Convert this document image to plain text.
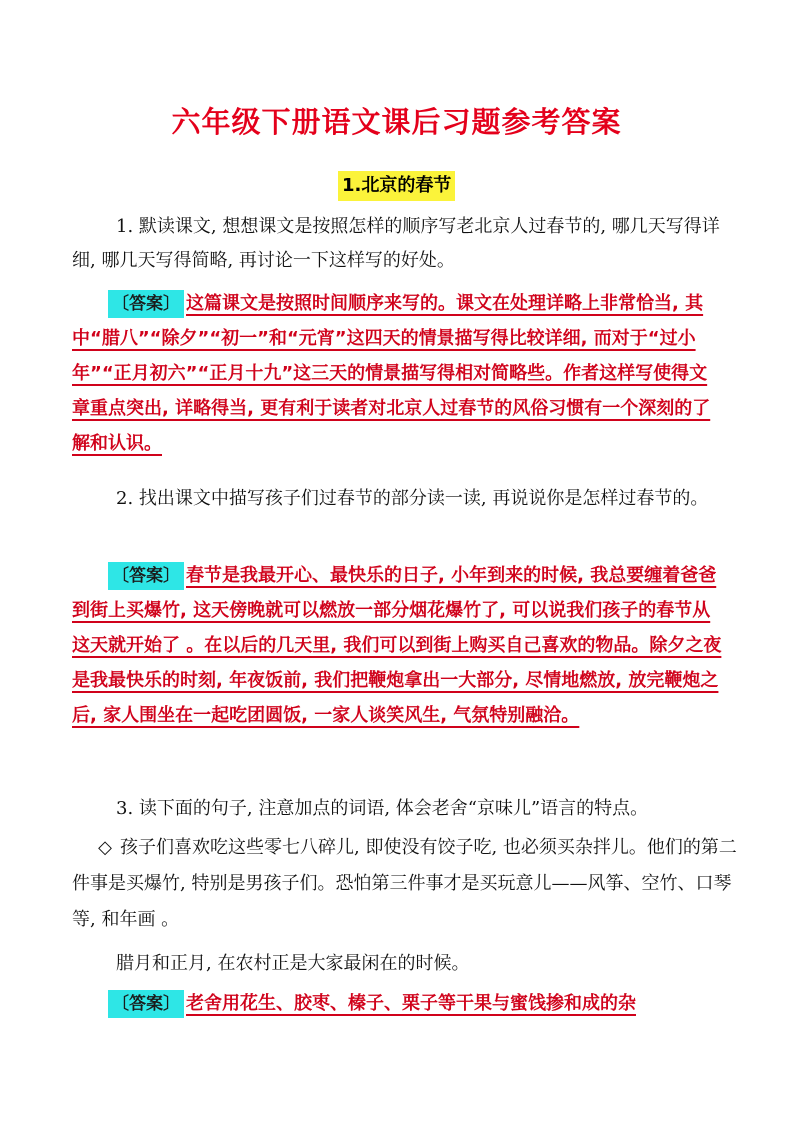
六年级下册语文课后习题参考答案
1.北京的春节
1. 默读课文, 想想课文是按照怎样的顺序写老北京人过春节的, 哪几天写得详细, 哪几天写得简略, 再讨论一下这样写的好处。
〔答案〕 这篇课文是按照时间顺序来写的。课文在处理详略上非常恰当, 其中“腊八”“除夕”“初一”和“元宵”这四天的情景描写得比较详细, 而对于“过小年”“正月初六”“正月十九”这三天的情景描写得相对简略些。作者这样写使得文章重点突出, 详略得当, 更有利于读者对北京人过春节的风俗习惯有一个深刻的了解和认识。
2. 找出课文中描写孩子们过春节的部分读一读, 再说说你是怎样过春节的。
〔答案〕 春节是我最开心、最快乐的日子, 小年到来的时候, 我总要缠着爸爸到街上买爆竹, 这天傍晚就可以燃放一部分烟花爆竹了, 可以说我们孩子的春节从这天就开始了 。在以后的几天里, 我们可以到街上购买自己喜欢的物品。除夕之夜是我最快乐的时刻, 年夜饭前, 我们把鞭炮拿出一大部分, 尽情地燃放, 放完鞭炮之后, 家人围坐在一起吃团圆饭, 一家人谈笑风生, 气氛特别融洽。
3. 读下面的句子, 注意加点的词语, 体会老舍“京味儿”语言的特点。
◇ 孩子们喜欢吃这些零七八碎儿, 即使没有饺子吃, 也必须买杂拌儿。他们的第二件事是买爆竹, 特别是男孩子们。恐怕第三件事才是买玩意儿——风筝、空竹、口琴等, 和年画 。
腊月和正月, 在农村正是大家最闲在的时候。
〔答案〕 老舍用花生、胶枣、榛子、栗子等干果与蜜饯掺和成的杂
